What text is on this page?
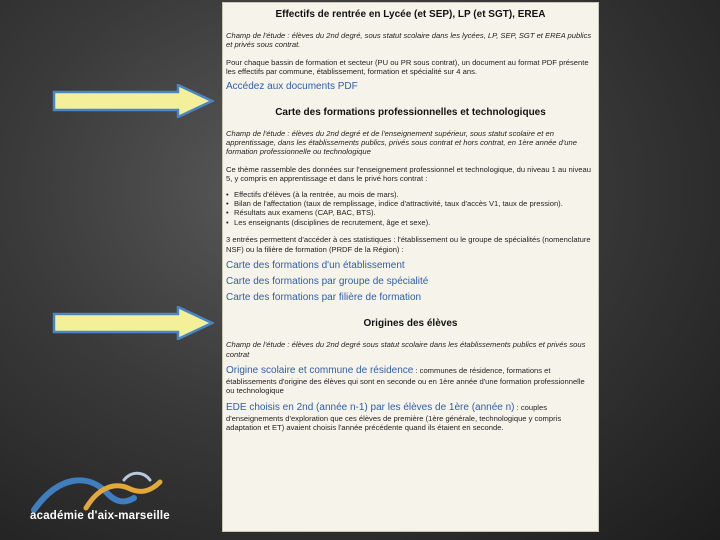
Effectifs de rentrée en Lycée (et SEP), LP (et SGT), EREA
Champ de l'étude : élèves du 2nd degré, sous statut scolaire dans les lycées, LP, SEP, SGT et EREA publics et privés sous contrat.
Pour chaque bassin de formation et secteur (PU ou PR sous contrat), un document au format PDF présente les effectifs par commune, établissement, formation et spécialité sur 4 ans.
Accédez aux documents PDF
Carte des formations professionnelles et technologiques
Champ de l'étude : élèves du 2nd degré et de l'enseignement supérieur, sous statut scolaire et en apprentissage, dans les établissements publics, privés sous contrat et hors contrat, en 1ère année d'une formation professionnelle ou technologique
Ce thème rassemble des données sur l'enseignement professionnel et technologique, du niveau 1 au niveau 5, y compris en apprentissage et dans le privé hors contrat :
• Effectifs d'élèves (à la rentrée, au mois de mars).
• Bilan de l'affectation (taux de remplissage, indice d'attractivité, taux d'accès V1, taux de pression).
• Résultats aux examens (CAP, BAC, BTS).
• Les enseignants (disciplines de recrutement, âge et sexe).
3 entrées permettent d'accéder à ces statistiques : l'établissement ou le groupe de spécialités (nomenclature NSF) ou la filière de formation (PRDF de la Région) :
Carte des formations d'un établissement
Carte des formations par groupe de spécialité
Carte des formations par filière de formation
Origines des élèves
Champ de l'étude : élèves du 2nd degré sous statut scolaire dans les établissements publics et privés sous contrat
Origine scolaire et commune de résidence : communes de résidence, formations et établissements d'origine des élèves qui sont en seconde ou en 1ère année d'une formation professionnelle ou technologique
EDE choisis en 2nd (année n-1) par les élèves de 1ère (année n) : couples d'enseignements d'exploration que ces élèves de première (1ère générale, technologique y compris adaptation et ET) avaient choisis l'année précédente quand ils étaient en seconde.
académie d'aix-marseille
